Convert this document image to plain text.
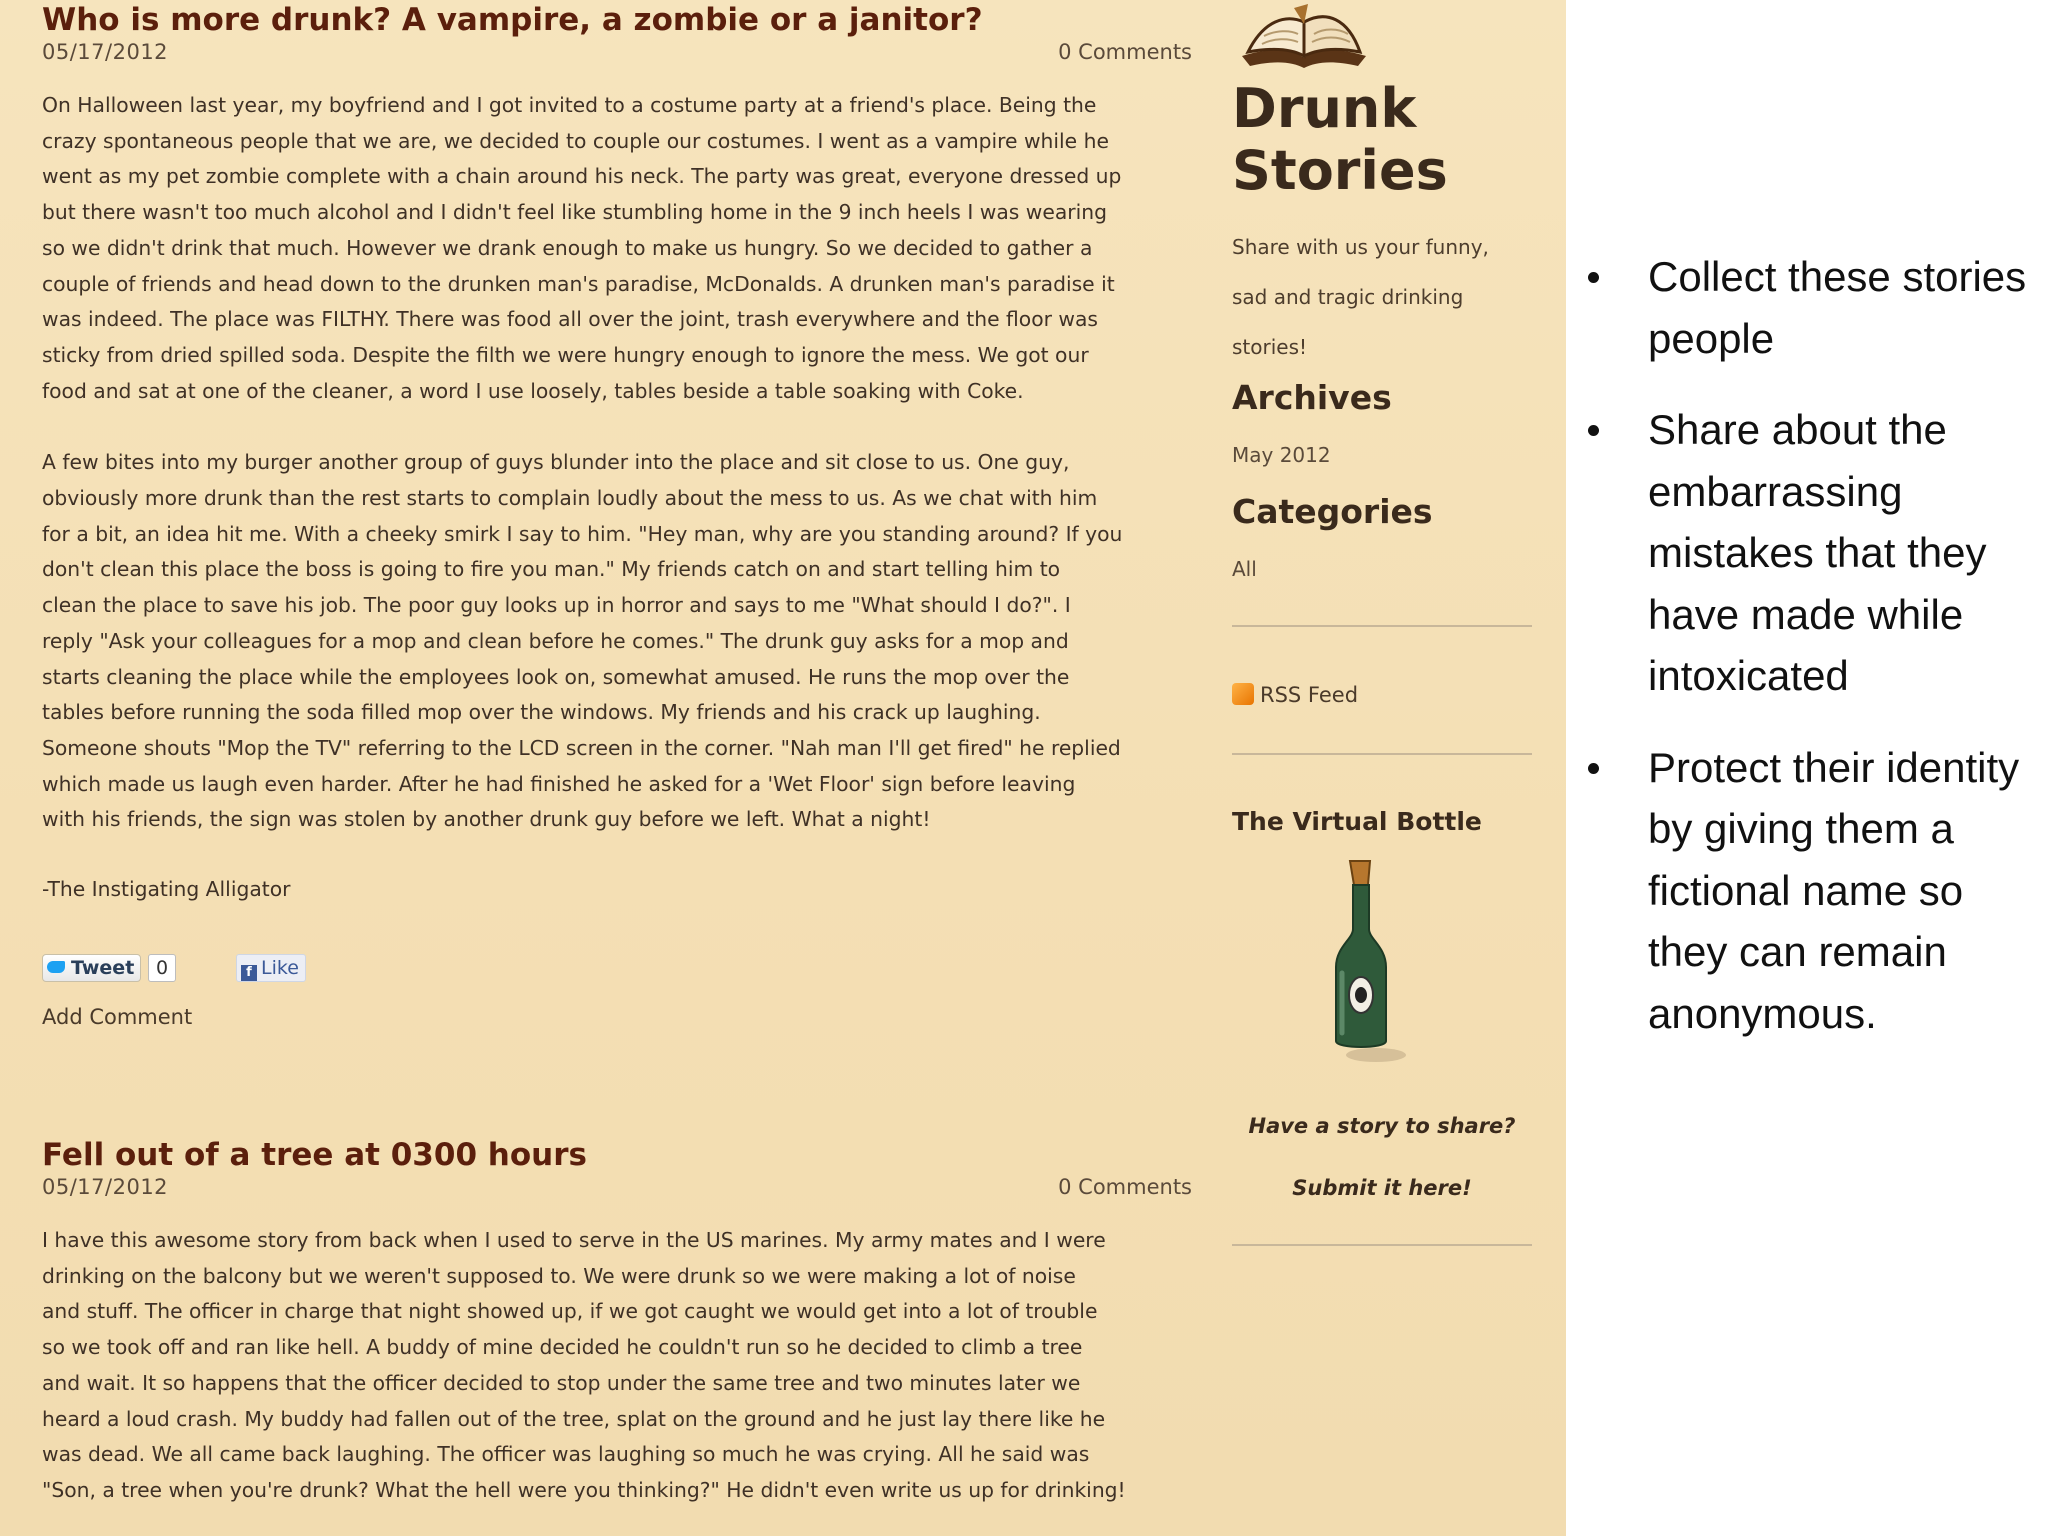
Who is more drunk? A vampire, a zombie or a janitor?
05/17/2012	0 Comments

On Halloween last year, my boyfriend and I got invited to a costume party at a friend's place. Being the

crazy spontaneous people that we are, we decided to couple our costumes. I went as a vampire while he

went as my pet zombie complete with a chain around his neck. The party was great, everyone dressed up

but there wasn't too much alcohol and I didn't feel like stumbling home in the 9 inch heels I was wearing

so we didn't drink that much. However we drank enough to make us hungry. So we decided to gather a

couple of friends and head down to the drunken man's paradise, McDonalds. A drunken man's paradise it

was indeed. The place was FILTHY. There was food all over the joint, trash everywhere and the floor was

sticky from dried spilled soda. Despite the filth we were hungry enough to ignore the mess. We got our

food and sat at one of the cleaner, a word I use loosely, tables beside a table soaking with Coke.

A few bites into my burger another group of guys blunder into the place and sit close to us. One guy,

obviously more drunk than the rest starts to complain loudly about the mess to us. As we chat with him

for a bit, an idea hit me. With a cheeky smirk I say to him. "Hey man, why are you standing around? If you

don't clean this place the boss is going to fire you man." My friends catch on and start telling him to

clean the place to save his job. The poor guy looks up in horror and says to me "What should I do?". I

reply "Ask your colleagues for a mop and clean before he comes." The drunk guy asks for a mop and

starts cleaning the place while the employees look on, somewhat amused. He runs the mop over the

tables before running the soda filled mop over the windows. My friends and his crack up laughing.

Someone shouts "Mop the TV" referring to the LCD screen in the corner. "Nah man I'll get fired" he replied

which made us laugh even harder. After he had finished he asked for a 'Wet Floor' sign before leaving

with his friends, the sign was stolen by another drunk guy before we left. What a night!

-The Instigating Alligator
Tweet	0	f Like
Add Comment
Fell out of a tree at 0300 hours
05/17/2012	0 Comments

I have this awesome story from back when I used to serve in the US marines. My army mates and I were

drinking on the balcony but we weren't supposed to. We were drunk so we were making a lot of noise

and stuff. The officer in charge that night showed up, if we got caught we would get into a lot of trouble

so we took off and ran like hell. A buddy of mine decided he couldn't run so he decided to climb a tree

and wait. It so happens that the officer decided to stop under the same tree and two minutes later we

heard a loud crash. My buddy had fallen out of the tree, splat on the ground and he just lay there like he

was dead. We all came back laughing. The officer was laughing so much he was crying. All he said was

"Son, a tree when you're drunk? What the hell were you thinking?" He didn't even write us up for drinking!

Drunk
Stories
Share with us your funny,
sad and tragic drinking
stories!
Archives
May 2012
Categories
All
RSS Feed
The Virtual Bottle
Have a story to share?
Submit it here!
Collect these stories people
Share about the embarrassing mistakes that they have made while intoxicated
Protect their identity by giving them a fictional name so they can remain anonymous.
